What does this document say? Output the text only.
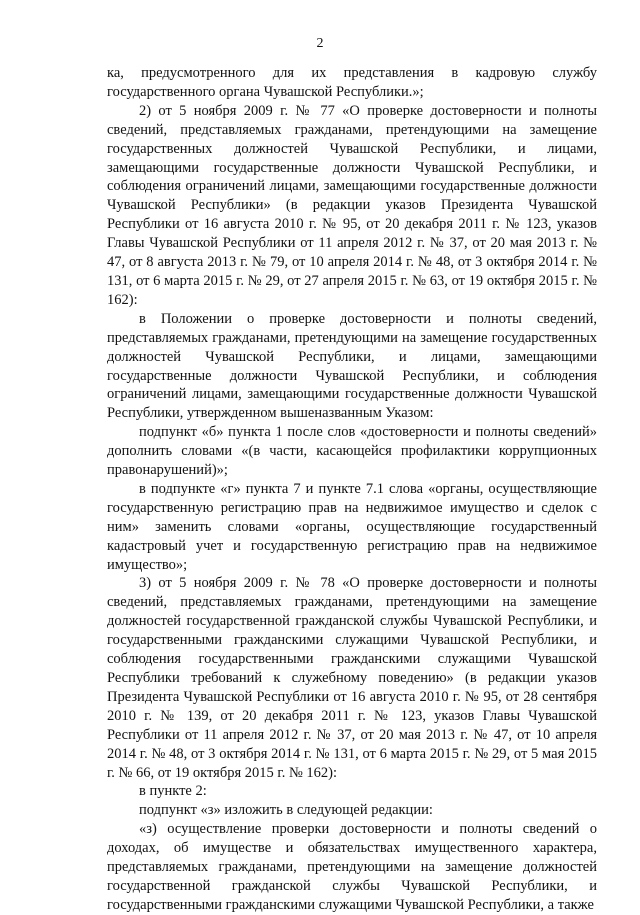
2

ка, предусмотренного для их представления в кадровую службу государственного органа Чувашской Республики.»;

2) от 5 ноября 2009 г. № 77 «О проверке достоверности и полноты сведений, представляемых гражданами, претендующими на замещение государственных должностей Чувашской Республики, и лицами, замещающими государственные должности Чувашской Республики, и соблюдения ограничений лицами, замещающими государственные должности Чувашской Республики» (в редакции указов Президента Чувашской Республики от 16 августа 2010 г. № 95, от 20 декабря 2011 г. № 123, указов Главы Чувашской Республики от 11 апреля 2012 г. № 37, от 20 мая 2013 г. № 47, от 8 августа 2013 г. № 79, от 10 апреля 2014 г. № 48, от 3 октября 2014 г. № 131, от 6 марта 2015 г. № 29, от 27 апреля 2015 г. № 63, от 19 октября 2015 г. № 162):

в Положении о проверке достоверности и полноты сведений, представляемых гражданами, претендующими на замещение государственных должностей Чувашской Республики, и лицами, замещающими государственные должности Чувашской Республики, и соблюдения ограничений лицами, замещающими государственные должности Чувашской Республики, утвержденном вышеназванным Указом:

подпункт «б» пункта 1 после слов «достоверности и полноты сведений» дополнить словами «(в части, касающейся профилактики коррупционных правонарушений)»;

в подпункте «г» пункта 7 и пункте 7.1 слова «органы, осуществляющие государственную регистрацию прав на недвижимое имущество и сделок с ним» заменить словами «органы, осуществляющие государственный кадастровый учет и государственную регистрацию прав на недвижимое имущество»;

3) от 5 ноября 2009 г. № 78 «О проверке достоверности и полноты сведений, представляемых гражданами, претендующими на замещение должностей государственной гражданской службы Чувашской Республики, и государственными гражданскими служащими Чувашской Республики, и соблюдения государственными гражданскими служащими Чувашской Республики требований к служебному поведению» (в редакции указов Президента Чувашской Республики от 16 августа 2010 г. № 95, от 28 сентября 2010 г. № 139, от 20 декабря 2011 г. № 123, указов Главы Чувашской Республики от 11 апреля 2012 г. № 37, от 20 мая 2013 г. № 47, от 10 апреля 2014 г. № 48, от 3 октября 2014 г. № 131, от 6 марта 2015 г. № 29, от 5 мая 2015 г. № 66, от 19 октября 2015 г. № 162):

в пункте 2:

подпункт «з» изложить в следующей редакции:

«з) осуществление проверки достоверности и полноты сведений о доходах, об имуществе и обязательствах имущественного характера, представляемых гражданами, претендующими на замещение должностей государственной гражданской службы Чувашской Республики, и государственными гражданскими служащими Чувашской Республики, а также
